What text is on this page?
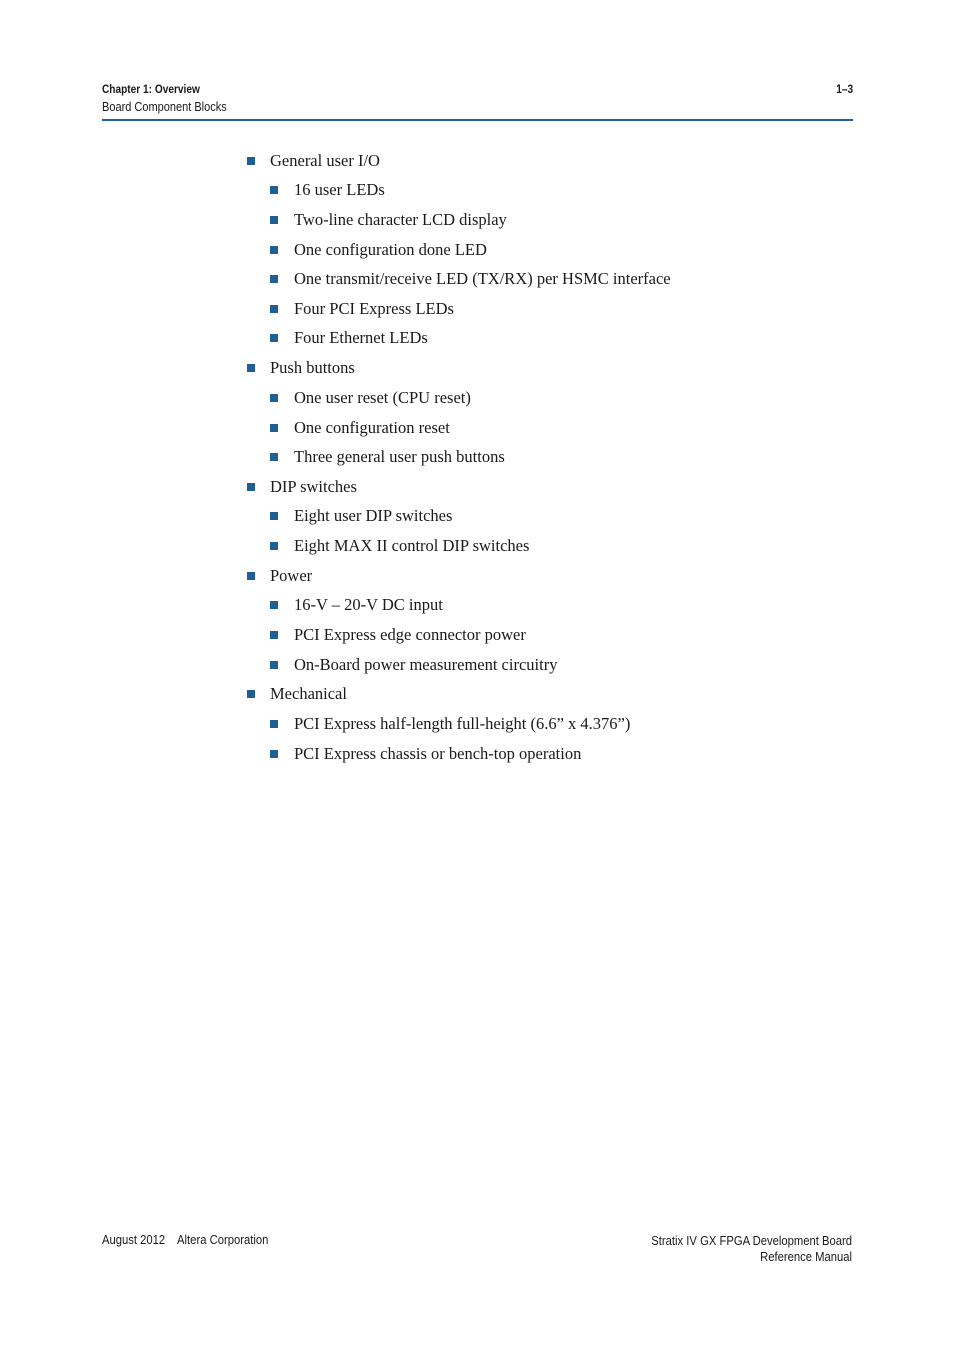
Chapter 1: Overview
Board Component Blocks
1–3
General user I/O
16 user LEDs
Two-line character LCD display
One configuration done LED
One transmit/receive LED (TX/RX) per HSMC interface
Four PCI Express LEDs
Four Ethernet LEDs
Push buttons
One user reset (CPU reset)
One configuration reset
Three general user push buttons
DIP switches
Eight user DIP switches
Eight MAX II control DIP switches
Power
16-V – 20-V DC input
PCI Express edge connector power
On-Board power measurement circuitry
Mechanical
PCI Express half-length full-height (6.6” x 4.376”)
PCI Express chassis or bench-top operation
August 2012    Altera Corporation	Stratix IV GX FPGA Development Board
Reference Manual
